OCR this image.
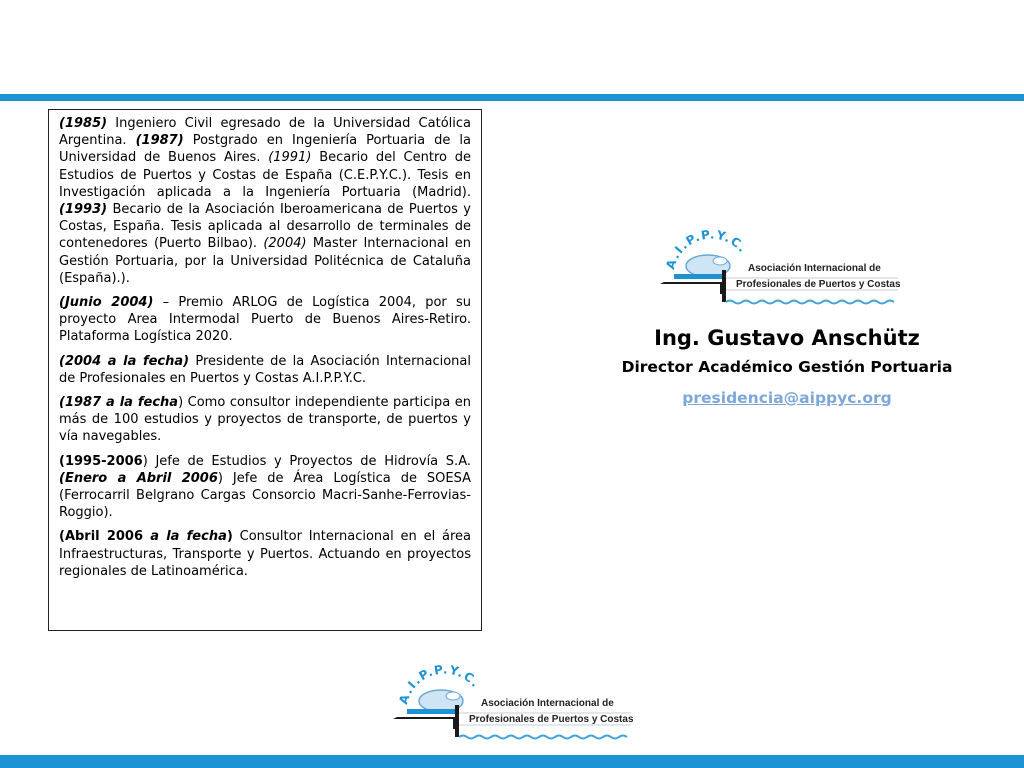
(1985) Ingeniero Civil egresado de la Universidad Católica Argentina. (1987) Postgrado en Ingeniería Portuaria de la Universidad de Buenos Aires. (1991) Becario del Centro de Estudios de Puertos y Costas de España (C.E.P.Y.C.). Tesis en Investigación aplicada a la Ingeniería Portuaria (Madrid). (1993) Becario de la Asociación Iberoamericana de Puertos y Costas, España. Tesis aplicada al desarrollo de terminales de contenedores (Puerto Bilbao). (2004) Master Internacional en Gestión Portuaria, por la Universidad Politécnica de Cataluña (España).).

(Junio 2004) – Premio ARLOG de Logística 2004, por su proyecto Area Intermodal Puerto de Buenos Aires-Retiro. Plataforma Logística 2020.

(2004 a la fecha) Presidente de la Asociación Internacional de Profesionales en Puertos y Costas A.I.P.P.Y.C.

(1987 a la fecha) Como consultor independiente participa en más de 100 estudios y proyectos de transporte, de puertos y vía navegables.

(1995-2006) Jefe de Estudios y Proyectos de Hidrovía S.A. (Enero a Abril 2006) Jefe de Área Logística de SOESA (Ferrocarril Belgrano Cargas Consorcio Macri-Sanhe-Ferrovias-Roggio).

(Abril 2006 a la fecha) Consultor Internacional en el área Infraestructuras, Transporte y Puertos. Actuando en proyectos regionales de Latinoamérica.

A.I.P.P.Y.C.
Asociación Internacional de
Profesionales de Puertos y Costas
Ing. Gustavo Anschütz
Director Académico Gestión Portuaria
presidencia@aippyc.org
A.I.P.P.Y.C.
Asociación Internacional de
Profesionales de Puertos y Costas
